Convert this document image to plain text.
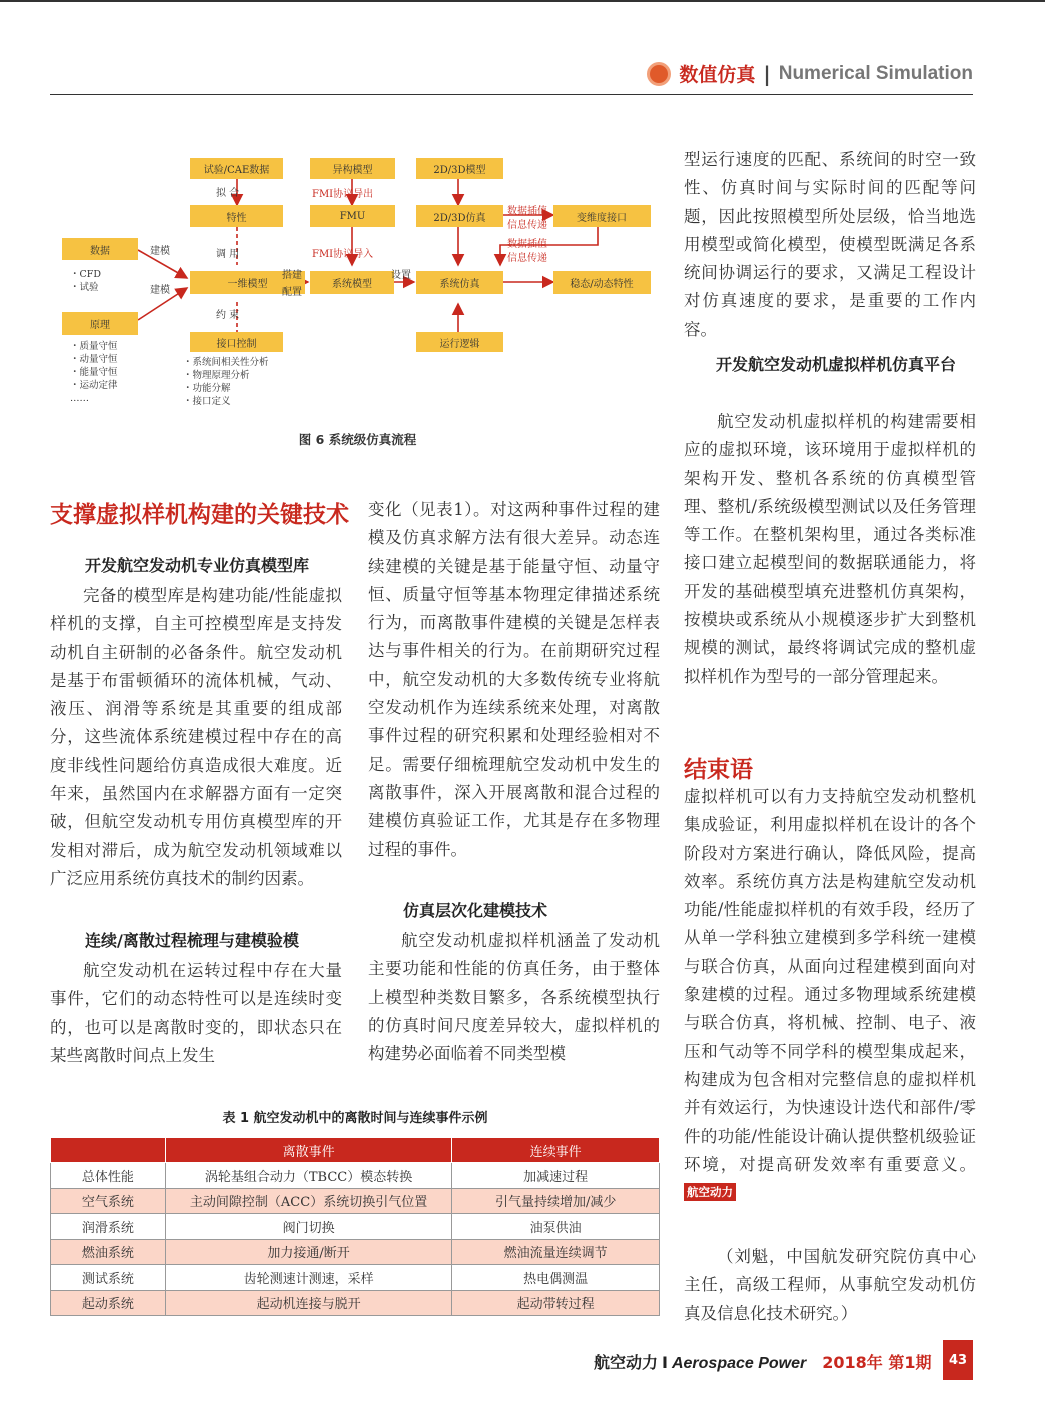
数值仿真 | Numerical Simulation
试验/CAE数据	异构模型	2D/3D模型
特性	FMU	2D/3D仿真	变维度接口
数据
一维模型	系统模型	系统仿真	稳态/动态特性
原理
接口控制	运行逻辑
拟 合
调 用
约 束
FMI协议导出
FMI协议导入
建模
建模
搭建
配置
设置
数据插值
信息传递
数据插值
信息传递
・CFD
・试验
・质量守恒
・动量守恒
・能量守恒
・运动定律
……
・系统间相关性分析
・物理原理分析
・功能分解
・接口定义
图 6 系统级仿真流程
支撑虚拟样机构建的关键技术
开发航空发动机专业仿真模型库
完备的模型库是构建功能/性能虚拟样机的支撑，自主可控模型库是支持发动机自主研制的必备条件。航空发动机是基于布雷顿循环的流体机械，气动、液压、润滑等系统是其重要的组成部分，这些流体系统建模过程中存在的高度非线性问题给仿真造成很大难度。近年来，虽然国内在求解器方面有一定突破，但航空发动机专用仿真模型库的开发相对滞后，成为航空发动机领域难以广泛应用系统仿真技术的制约因素。
连续/离散过程梳理与建模验模
航空发动机在运转过程中存在大量事件，它们的动态特性可以是连续时变的，也可以是离散时变的，即状态只在某些离散时间点上发生
变化（见表1）。对这两种事件过程的建模及仿真求解方法有很大差异。动态连续建模的关键是基于能量守恒、动量守恒、质量守恒等基本物理定律描述系统行为，而离散事件建模的关键是怎样表达与事件相关的行为。在前期研究过程中，航空发动机的大多数传统专业将航空发动机作为连续系统来处理，对离散事件过程的研究积累和处理经验相对不足。需要仔细梳理航空发动机中发生的离散事件，深入开展离散和混合过程的建模仿真验证工作，尤其是存在多物理过程的事件。
仿真层次化建模技术
航空发动机虚拟样机涵盖了发动机主要功能和性能的仿真任务，由于整体上模型种类数目繁多，各系统模型执行的仿真时间尺度差异较大，虚拟样机的构建势必面临着不同类型模
型运行速度的匹配、系统间的时空一致性、仿真时间与实际时间的匹配等问题，因此按照模型所处层级，恰当地选用模型或简化模型，使模型既满足各系统间协调运行的要求，又满足工程设计对仿真速度的要求，是重要的工作内容。
开发航空发动机虚拟样机仿真平台
航空发动机虚拟样机的构建需要相应的虚拟环境，该环境用于虚拟样机的架构开发、整机各系统的仿真模型管理、整机/系统级模型测试以及任务管理等工作。在整机架构里，通过各类标准接口建立起模型间的数据联通能力，将开发的基础模型填充进整机仿真架构，按模块或系统从小规模逐步扩大到整机规模的测试，最终将调试完成的整机虚拟样机作为型号的一部分管理起来。
结束语
虚拟样机可以有力支持航空发动机整机集成验证，利用虚拟样机在设计的各个阶段对方案进行确认，降低风险，提高效率。系统仿真方法是构建航空发动机功能/性能虚拟样机的有效手段，经历了从单一学科独立建模到多学科统一建模与联合仿真，从面向过程建模到面向对象建模的过程。通过多物理域系统建模与联合仿真，将机械、控制、电子、液压和气动等不同学科的模型集成起来，构建成为包含相对完整信息的虚拟样机并有效运行，为快速设计迭代和部件/零件的功能/性能设计确认提供整机级验证环境，对提高研发效率有重要意义。航空动力
（刘魁，中国航发研究院仿真中心主任，高级工程师，从事航空发动机仿真及信息化技术研究。）
表 1 航空发动机中的离散时间与连续事件示例
	离散事件	连续事件
总体性能	涡轮基组合动力（TBCC）模态转换	加减速过程
空气系统	主动间隙控制（ACC）系统切换引气位置	引气量持续增加/减少
润滑系统	阀门切换	油泵供油
燃油系统	加力接通/断开	燃油流量连续调节
测试系统	齿轮测速计测速，采样	热电偶测温
起动系统	起动机连接与脱开	起动带转过程
航空动力 I Aerospace Power 2018年 第1期	43
